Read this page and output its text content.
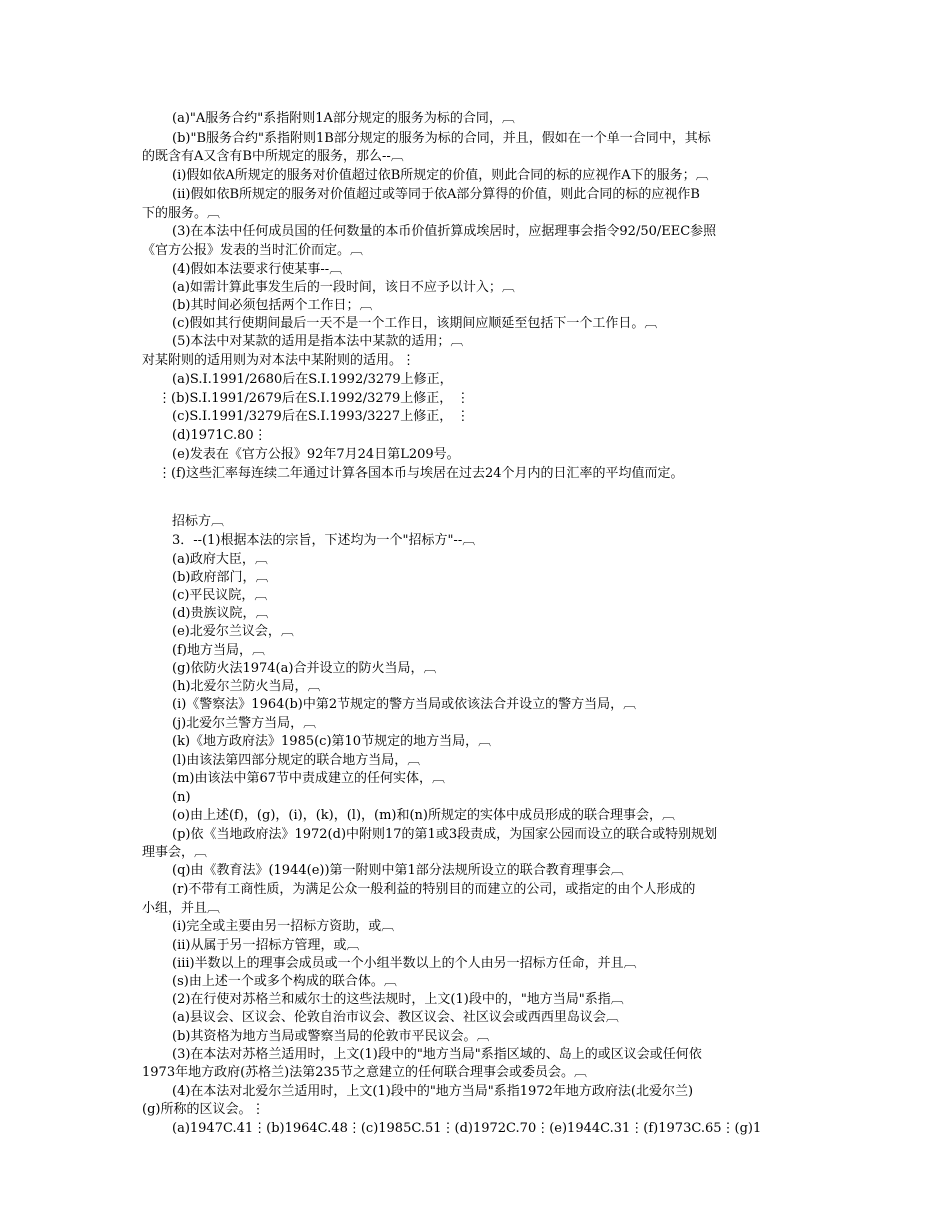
(a)"A服务合约"系指附则1A部分规定的服务为标的合同，︹
(b)"B服务合约"系指附则1B部分规定的服务为标的合同，并且，假如在一个单一合同中，其标
的既含有A又含有B中所规定的服务，那么--︹
(i)假如依A所规定的服务对价值超过依B所规定的价值，则此合同的标的应视作A下的服务；︹
(ii)假如依B所规定的服务对价值超过或等同于依A部分算得的价值，则此合同的标的应视作B
下的服务。︹
(3)在本法中任何成员国的任何数量的本币价值折算成埃居时，应据理事会指令92/50/EEC参照
《官方公报》发表的当时汇价而定。︹
(4)假如本法要求行使某事--︹
(a)如需计算此事发生后的一段时间，该日不应予以计入；︹
(b)其时间必须包括两个工作日；︹
(c)假如其行使期间最后一天不是一个工作日，该期间应顺延至包括下一个工作日。︹
(5)本法中对某款的适用是指本法中某款的适用；︹
对某附则的适用则为对本法中某附则的适用。⋮
(a)S.I.1991/2680后在S.I.1992/3279上修正，
⋮(b)S.I.1991/2679后在S.I.1992/3279上修正， ⋮
(c)S.I.1991/3279后在S.I.1993/3227上修正， ⋮
(d)1971C.80⋮
(e)发表在《官方公报》92年7月24日第L209号。
⋮(f)这些汇率每连续二年通过计算各国本币与埃居在过去24个月内的日汇率的平均值而定。
招标方︹
3．--(1)根据本法的宗旨，下述均为一个"招标方"--︹
(a)政府大臣，︹
(b)政府部门，︹
(c)平民议院，︹
(d)贵族议院，︹
(e)北爱尔兰议会，︹
(f)地方当局，︹
(g)依防火法1974(a)合并设立的防火当局，︹
(h)北爱尔兰防火当局，︹
(i)《警察法》1964(b)中第2节规定的警方当局或依该法合并设立的警方当局，︹
(j)北爱尔兰警方当局，︹
(k)《地方政府法》1985(c)第10节规定的地方当局，︹
(l)由该法第四部分规定的联合地方当局，︹
(m)由该法中第67节中责成建立的任何实体，︹
(n)
(o)由上述(f)，(g)，(i)，(k)，(l)，(m)和(n)所规定的实体中成员形成的联合理事会，︹
(p)依《当地政府法》1972(d)中附则17的第1或3段责成，为国家公园而设立的联合或特别规划
理事会，︹
(q)由《教育法》(1944(e))第一附则中第1部分法规所设立的联合教育理事会︹
(r)不带有工商性质，为满足公众一般利益的特别目的而建立的公司，或指定的由个人形成的
小组，并且︹
(i)完全或主要由另一招标方资助，或︹
(ii)从属于另一招标方管理，或︹
(iii)半数以上的理事会成员或一个小组半数以上的个人由另一招标方任命，并且︹
(s)由上述一个或多个构成的联合体。︹
(2)在行使对苏格兰和威尔士的这些法规时，上文(1)段中的，"地方当局"系指︹
(a)县议会、区议会、伦敦自治市议会、教区议会、社区议会或西西里岛议会︹
(b)其资格为地方当局或警察当局的伦敦市平民议会。︹
(3)在本法对苏格兰适用时，上文(1)段中的"地方当局"系指区域的、岛上的或区议会或任何依
1973年地方政府(苏格兰)法第235节之意建立的任何联合理事会或委员会。︹
(4)在本法对北爱尔兰适用时，上文(1)段中的"地方当局"系指1972年地方政府法(北爱尔兰)
(g)所称的区议会。⋮
(a)1947C.41⋮(b)1964C.48⋮(c)1985C.51⋮(d)1972C.70⋮(e)1944C.31⋮(f)1973C.65⋮(g)1
